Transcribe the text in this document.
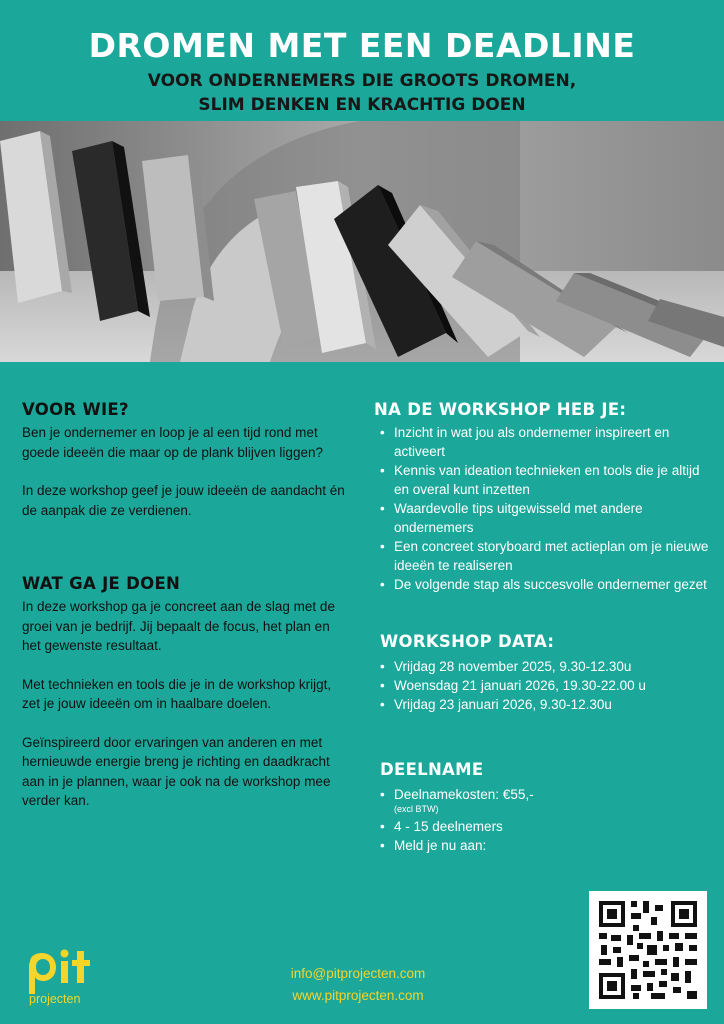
DROMEN MET EEN DEADLINE
VOOR ONDERNEMERS DIE GROOTS DROMEN,
SLIM DENKEN EN KRACHTIG DOEN
VOOR WIE?

Ben je ondernemer en loop je al een tijd rond met goede ideeën die maar op de plank blijven liggen?

In deze workshop geef je jouw ideeën de aandacht én de aanpak die ze verdienen.

WAT GA JE DOEN

In deze workshop ga je concreet aan de slag met de groei van je bedrijf. Jij bepaalt de focus, het plan en het gewenste resultaat.

Met technieken en tools die je in de workshop krijgt, zet je jouw ideeën om in haalbare doelen.

Geïnspireerd door ervaringen van anderen en met hernieuwde energie breng je richting en daadkracht aan in je plannen, waar je ook na de workshop mee verder kan.

NA DE WORKSHOP HEB JE:
• Inzicht in wat jou als ondernemer inspireert en activeert
• Kennis van ideation technieken en tools die je altijd en overal kunt inzetten
• Waardevolle tips uitgewisseld met andere ondernemers
• Een concreet storyboard met actieplan om je nieuwe ideeën te realiseren
• De volgende stap als succesvolle ondernemer gezet
WORKSHOP DATA:
• Vrijdag 28 november 2025, 9.30-12.30u
• Woensdag 21 januari 2026, 19.30-22.00 u
• Vrijdag 23 januari 2026, 9.30-12.30u
DEELNAME
• Deelnamekosten: €55,-
(excl BTW)
• 4 - 15 deelnemers
• Meld je nu aan:
projecten
info@pitprojecten.com
www.pitprojecten.com
